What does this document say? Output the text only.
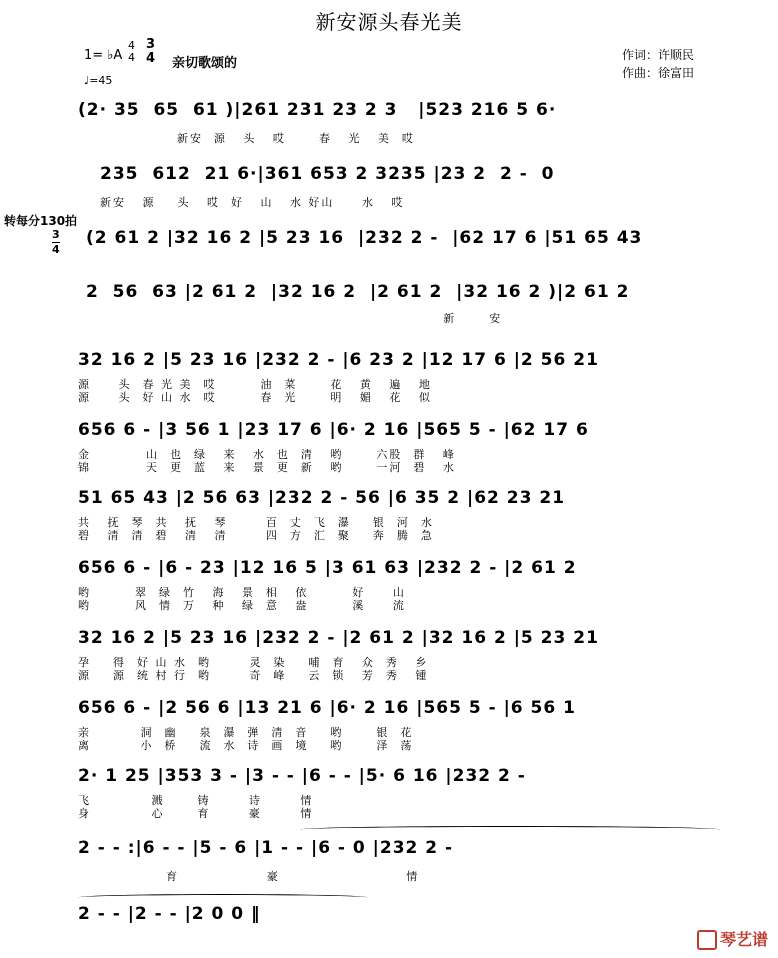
新安源头春光美
作词：许顺民
作曲：徐富田
1= ♭A
4
4
3
4 亲切歌颂的
♩=45
转每分130拍
3
4
(2· 35  65  61 )|261 231 23 2 3   |523 216 5 6·
新安  源   头   哎      春   光   美  哎
235  612  21 6·|361 653 2 3235 |23 2  2 -  0
新安   源    头   哎  好   山   水 好山     水   哎
(2 61 2 |32 16 2 |5 23 16  |232 2 -  |62 17 6 |51 65 43
2  56  63 |2 61 2  |32 16 2  |2 61 2  |32 16 2 )|2 61 2
新      安
32 16 2 |5 23 16 |232 2 - |6 23 2 |12 17 6 |2 56 21
源     头  春 光 美  哎        油  菜      花   黄   遍   地
源     头  好 山 水  哎        春  光      明   媚   花   似
656 6 - |3 56 1 |23 17 6 |6· 2 16 |565 5 - |62 17 6
金          山  也  绿   来   水  也  清   哟      六股  群   峰
锦          天  更  蓝   来   景  更  新   哟      一河  碧   水
51 65 43 |2 56 63 |232 2 - 56 |6 35 2 |62 23 21
共   抚  琴  共   抚   琴       百  丈  飞  瀑    银  河  水
碧   清  清  碧   清   清       四  方  汇  聚    奔  腾  急
656 6 - |6 - 23 |12 16 5 |3 61 63 |232 2 - |2 61 2
哟        翠  绿  竹   海   景  相   依        好     山
哟        风  情  万   种   绿  意   盎        溪     流
32 16 2 |5 23 16 |232 2 - |2 61 2 |32 16 2 |5 23 21
孕    得  好 山 水  哟       灵  染    哺  育   众  秀   乡
源    源  统 村 行  哟       奇  峰    云  锁   芳  秀   锺
656 6 - |2 56 6 |13 21 6 |6· 2 16 |565 5 - |6 56 1
亲         洞  幽    泉  瀑  弹  清  音    哟      银  花
离         小  桥    流  水  诗  画  境    哟      泽  荡
2· 1 25 |353 3 - |3 - - |6 - - |5· 6 16 |232 2 -
飞           溅      铸       诗       情
身           心      育       豪       情
2 - - :|6 - - |5 - 6 |1 - - |6 - 0 |232 2 -
育                豪                       情
2 - - |2 - - |2 0 0 ‖
琴艺谱
